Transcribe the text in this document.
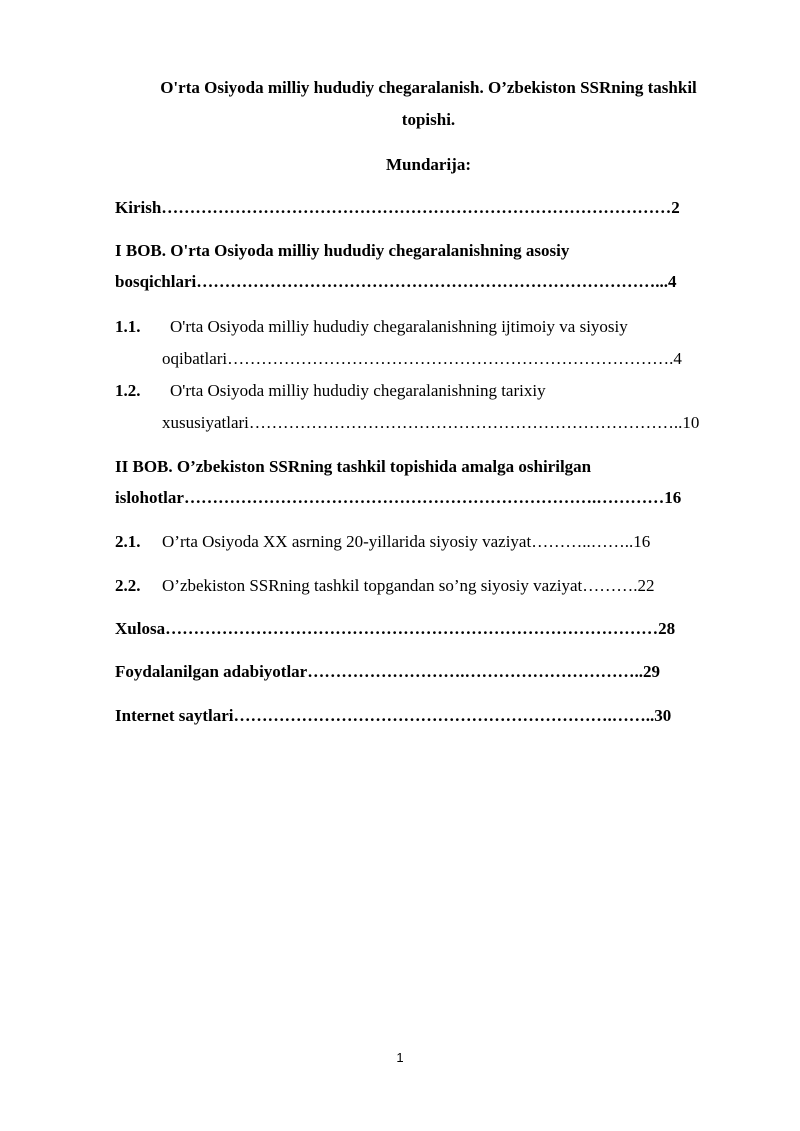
O'rta Osiyoda milliy hududiy chegaralanish. O’zbekiston SSRning tashkil
topishi.
Mundarija:
Kirish………………………………………………………………………………2
I BOB. O'rta Osiyoda milliy hududiy chegaralanishning asosiy
bosqichlari………………………………………………………………………...4
1.1. O'rta Osiyoda milliy hududiy chegaralanishning ijtimoiy va siyosiy
oqibatlari…………………………………………………………………….4
1.2. O'rta Osiyoda milliy hududiy chegaralanishning tarixiy
xususiyatlari…………………………………………………………………..10
II BOB. O’zbekiston SSRning tashkil topishida amalga oshirilgan
islohotlar……………………………………………………………….…………16
2.1. O’rta Osiyoda XX asrning 20-yillarida siyosiy vaziyat………..……..16
2.2. O’zbekiston SSRning tashkil topgandan so’ng siyosiy vaziyat……….22
Xulosa……………………………………………………………………………28
Foydalanilgan adabiyotlar……………………….…………………………..29
Internet saytlari………………………………………………………….……..30
1
